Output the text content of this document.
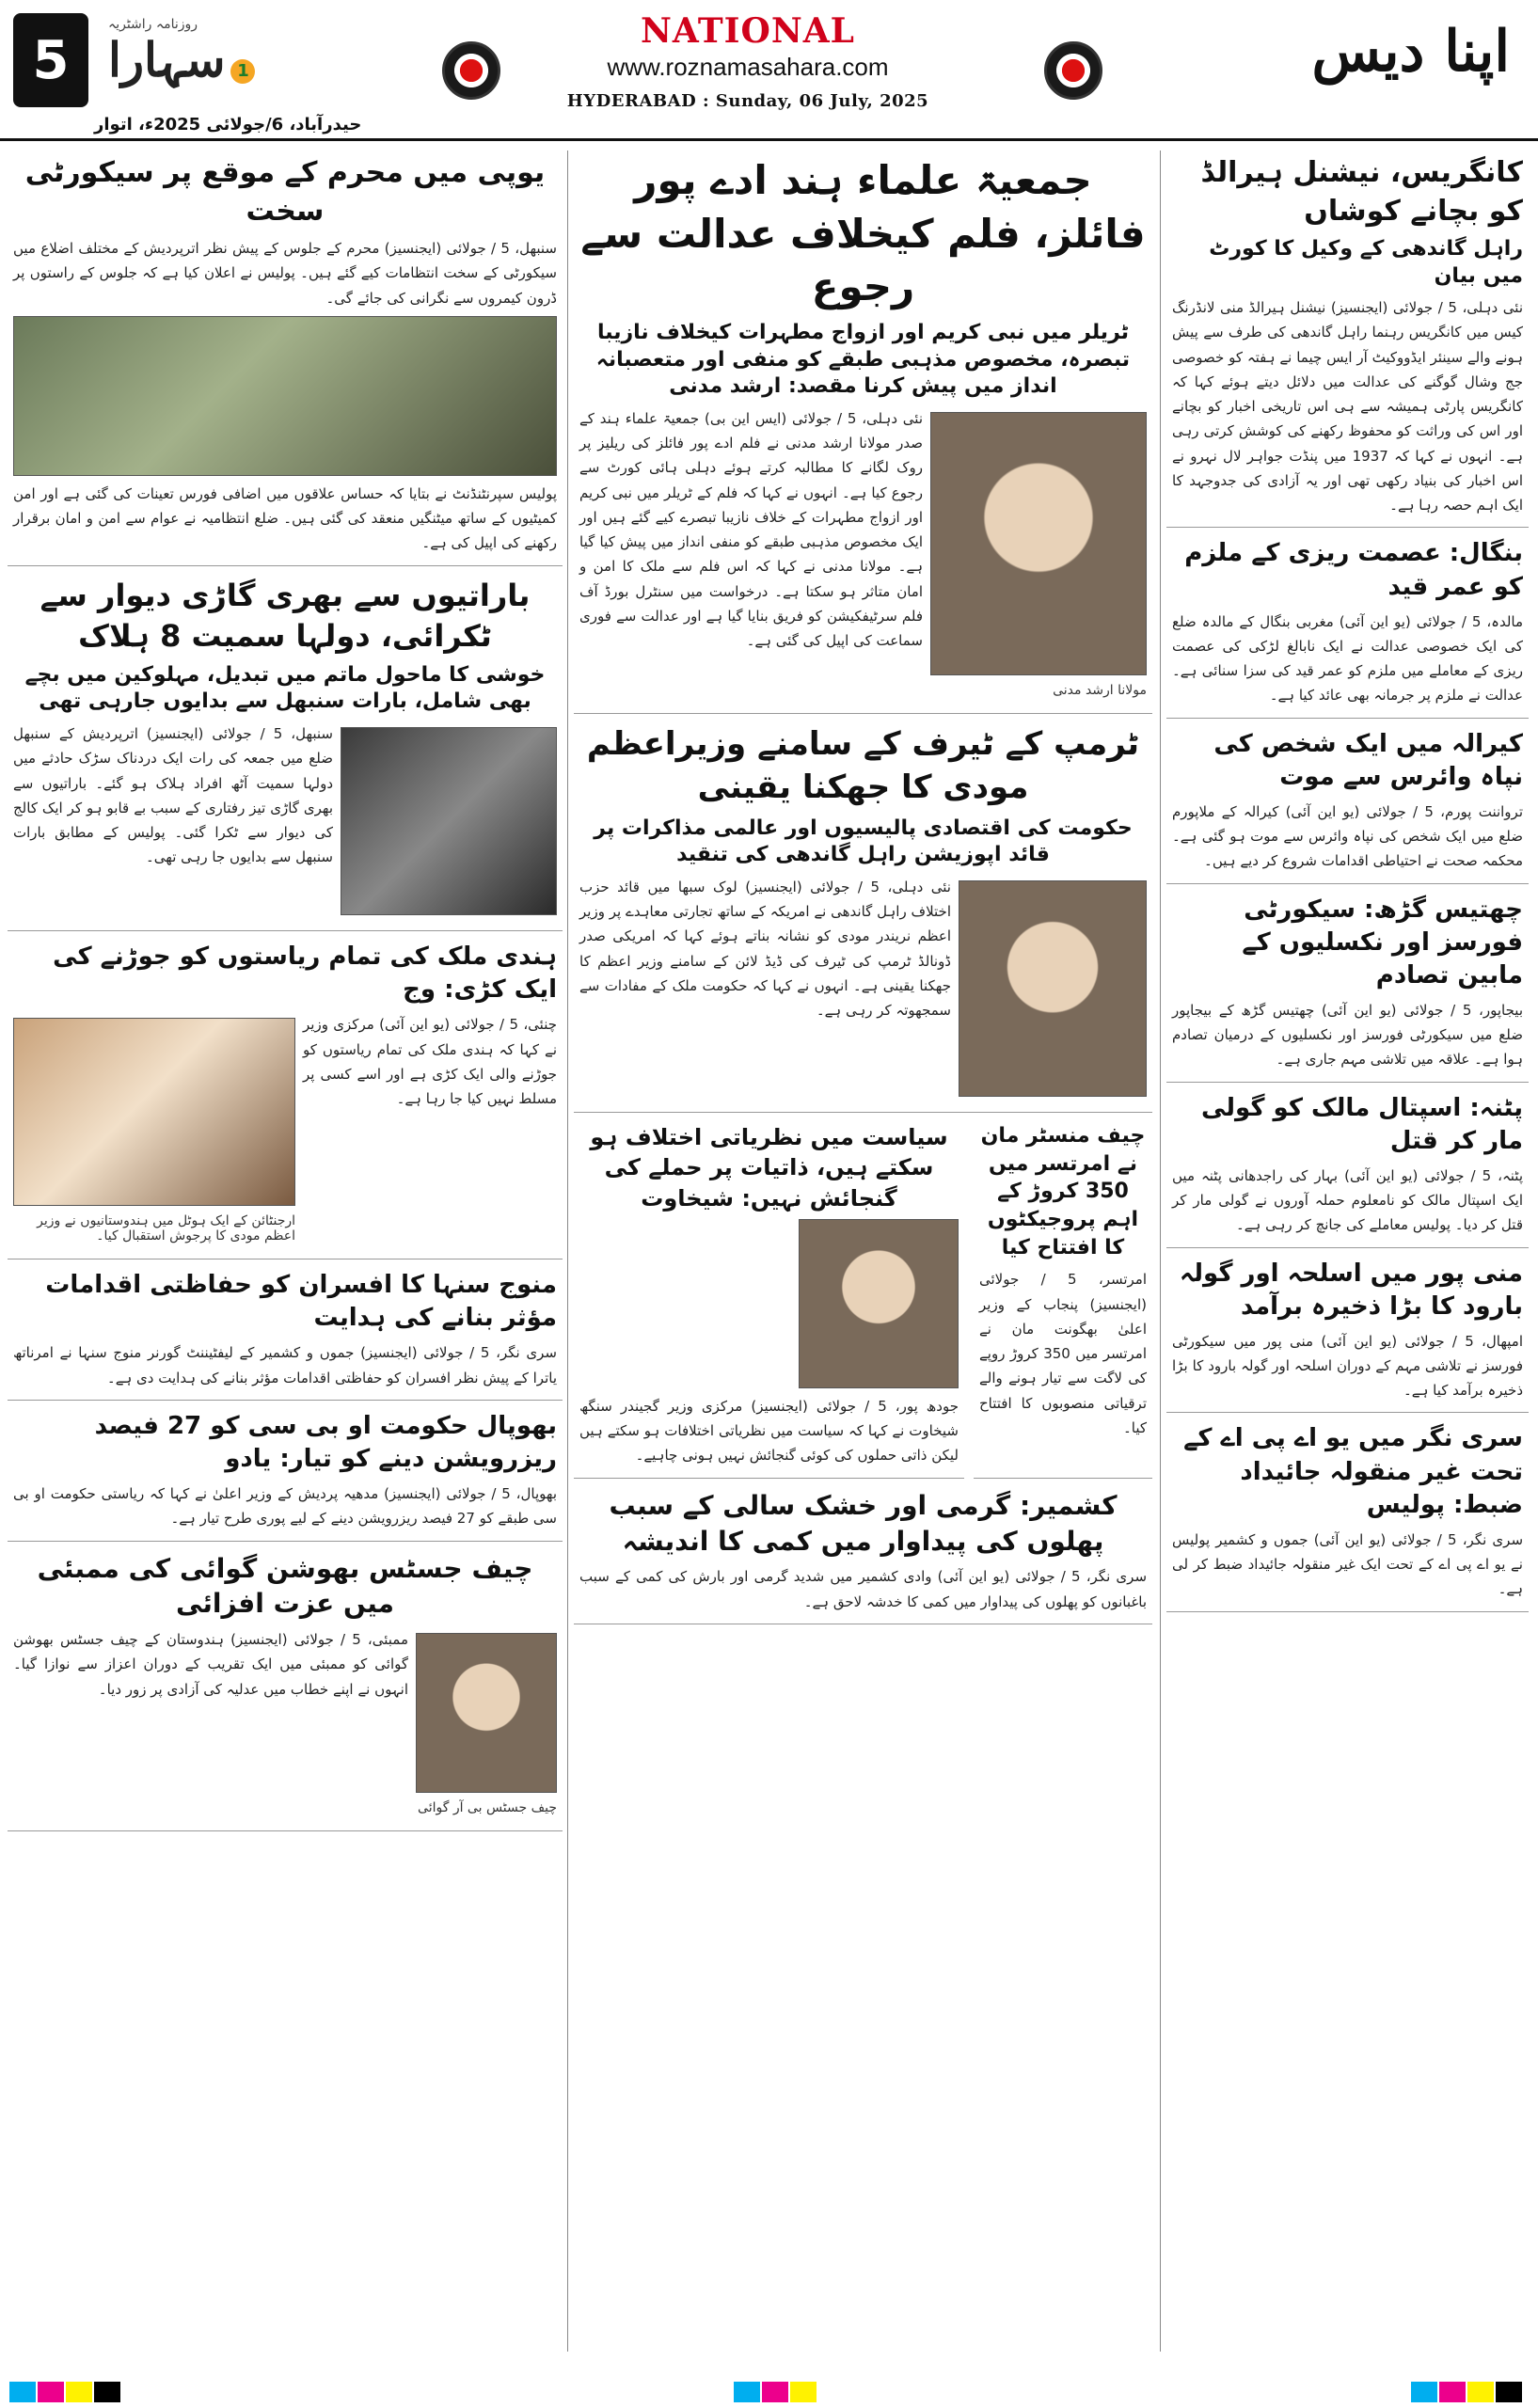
5
روزنامہ راشٹریہ
سہارا 1
حیدرآباد، 6/جولائی 2025ء، اتوار
NATIONAL
www.roznamasahara.com
HYDERABAD : Sunday, 06 July, 2025
اپنا دیس
کانگریس، نیشنل ہیرالڈ کو بچانے کوشاں
راہل گاندھی کے وکیل کا کورٹ میں بیان

نئی دہلی، 5 / جولائی (ایجنسیز) نیشنل ہیرالڈ منی لانڈرنگ کیس میں کانگریس رہنما راہل گاندھی کی طرف سے پیش ہونے والے سینئر ایڈووکیٹ آر ایس چیما نے ہفتہ کو خصوصی جج وشال گوگنے کی عدالت میں دلائل دیتے ہوئے کہا کہ کانگریس پارٹی ہمیشہ سے ہی اس تاریخی اخبار کو بچانے اور اس کی وراثت کو محفوظ رکھنے کی کوشش کرتی رہی ہے۔ انہوں نے کہا کہ 1937 میں پنڈت جواہر لال نہرو نے اس اخبار کی بنیاد رکھی تھی اور یہ آزادی کی جدوجہد کا ایک اہم حصہ رہا ہے۔

بنگال: عصمت ریزی کے ملزم کو عمر قید

مالدہ، 5 / جولائی (یو این آئی) مغربی بنگال کے مالدہ ضلع کی ایک خصوصی عدالت نے ایک نابالغ لڑکی کی عصمت ریزی کے معاملے میں ملزم کو عمر قید کی سزا سنائی ہے۔ عدالت نے ملزم پر جرمانہ بھی عائد کیا ہے۔

کیرالہ میں ایک شخص کی نپاہ وائرس سے موت

ترواننت پورم، 5 / جولائی (یو این آئی) کیرالہ کے ملاپورم ضلع میں ایک شخص کی نپاہ وائرس سے موت ہو گئی ہے۔ محکمہ صحت نے احتیاطی اقدامات شروع کر دیے ہیں۔

چھتیس گڑھ: سیکورٹی فورسز اور نکسلیوں کے مابین تصادم

بیجاپور، 5 / جولائی (یو این آئی) چھتیس گڑھ کے بیجاپور ضلع میں سیکورٹی فورسز اور نکسلیوں کے درمیان تصادم ہوا ہے۔ علاقہ میں تلاشی مہم جاری ہے۔

پٹنہ: اسپتال مالک کو گولی مار کر قتل

پٹنہ، 5 / جولائی (یو این آئی) بہار کی راجدھانی پٹنہ میں ایک اسپتال مالک کو نامعلوم حملہ آوروں نے گولی مار کر قتل کر دیا۔ پولیس معاملے کی جانچ کر رہی ہے۔

منی پور میں اسلحہ اور گولہ بارود کا بڑا ذخیرہ برآمد

امپھال، 5 / جولائی (یو این آئی) منی پور میں سیکورٹی فورسز نے تلاشی مہم کے دوران اسلحہ اور گولہ بارود کا بڑا ذخیرہ برآمد کیا ہے۔

سری نگر میں یو اے پی اے کے تحت غیر منقولہ جائیداد ضبط: پولیس

سری نگر، 5 / جولائی (یو این آئی) جموں و کشمیر پولیس نے یو اے پی اے کے تحت ایک غیر منقولہ جائیداد ضبط کر لی ہے۔

جمعیۃ علماء ہند ادے پور فائلز، فلم کیخلاف عدالت سے رجوع
ٹریلر میں نبی کریم اور ازواج مطہرات کیخلاف نازیبا تبصرہ، مخصوص مذہبی طبقے کو منفی اور متعصبانہ انداز میں پیش کرنا مقصد: ارشد مدنی

نئی دہلی، 5 / جولائی (ایس این بی) جمعیۃ علماء ہند کے صدر مولانا ارشد مدنی نے فلم ادے پور فائلز کی ریلیز پر روک لگانے کا مطالبہ کرتے ہوئے دہلی ہائی کورٹ سے رجوع کیا ہے۔ انہوں نے کہا کہ فلم کے ٹریلر میں نبی کریم اور ازواج مطہرات کے خلاف نازیبا تبصرے کیے گئے ہیں اور ایک مخصوص مذہبی طبقے کو منفی انداز میں پیش کیا گیا ہے۔ مولانا مدنی نے کہا کہ اس فلم سے ملک کا امن و امان متاثر ہو سکتا ہے۔ درخواست میں سنٹرل بورڈ آف فلم سرٹیفکیشن کو فریق بنایا گیا ہے اور عدالت سے فوری سماعت کی اپیل کی گئی ہے۔

مولانا ارشد مدنی
ٹرمپ کے ٹیرف کے سامنے وزیراعظم مودی کا جھکنا یقینی
حکومت کی اقتصادی پالیسیوں اور عالمی مذاکرات پر قائد اپوزیشن راہل گاندھی کی تنقید

نئی دہلی، 5 / جولائی (ایجنسیز) لوک سبھا میں قائد حزب اختلاف راہل گاندھی نے امریکہ کے ساتھ تجارتی معاہدے پر وزیر اعظم نریندر مودی کو نشانہ بناتے ہوئے کہا کہ امریکی صدر ڈونالڈ ٹرمپ کی ٹیرف کی ڈیڈ لائن کے سامنے وزیر اعظم کا جھکنا یقینی ہے۔ انہوں نے کہا کہ حکومت ملک کے مفادات سے سمجھوتہ کر رہی ہے۔

سیاست میں نظریاتی اختلاف ہو سکتے ہیں، ذاتیات پر حملے کی گنجائش نہیں: شیخاوت

جودھ پور، 5 / جولائی (ایجنسیز) مرکزی وزیر گجیندر سنگھ شیخاوت نے کہا کہ سیاست میں نظریاتی اختلافات ہو سکتے ہیں لیکن ذاتی حملوں کی کوئی گنجائش نہیں ہونی چاہیے۔

چیف منسٹر مان نے امرتسر میں 350 کروڑ کے اہم پروجیکٹوں کا افتتاح کیا

امرتسر، 5 / جولائی (ایجنسیز) پنجاب کے وزیر اعلیٰ بھگونت مان نے امرتسر میں 350 کروڑ روپے کی لاگت سے تیار ہونے والے ترقیاتی منصوبوں کا افتتاح کیا۔

کشمیر: گرمی اور خشک سالی کے سبب پھلوں کی پیداوار میں کمی کا اندیشہ

سری نگر، 5 / جولائی (یو این آئی) وادی کشمیر میں شدید گرمی اور بارش کی کمی کے سبب باغبانوں کو پھلوں کی پیداوار میں کمی کا خدشہ لاحق ہے۔

یوپی میں محرم کے موقع پر سیکورٹی سخت

سنبھل، 5 / جولائی (ایجنسیز) محرم کے جلوس کے پیش نظر اترپردیش کے مختلف اضلاع میں سیکورٹی کے سخت انتظامات کیے گئے ہیں۔ پولیس نے اعلان کیا ہے کہ جلوس کے راستوں پر ڈرون کیمروں سے نگرانی کی جائے گی۔

پولیس سپرنٹنڈنٹ نے بتایا کہ حساس علاقوں میں اضافی فورس تعینات کی گئی ہے اور امن کمیٹیوں کے ساتھ میٹنگیں منعقد کی گئی ہیں۔ ضلع انتظامیہ نے عوام سے امن و امان برقرار رکھنے کی اپیل کی ہے۔

باراتیوں سے بھری گاڑی دیوار سے ٹکرائی، دولہا سمیت 8 ہلاک
خوشی کا ماحول ماتم میں تبدیل، مہلوکین میں بچے بھی شامل، بارات سنبھل سے بدایوں جارہی تھی

سنبھل، 5 / جولائی (ایجنسیز) اترپردیش کے سنبھل ضلع میں جمعہ کی رات ایک دردناک سڑک حادثے میں دولہا سمیت آٹھ افراد ہلاک ہو گئے۔ باراتیوں سے بھری گاڑی تیز رفتاری کے سبب بے قابو ہو کر ایک کالج کی دیوار سے ٹکرا گئی۔ پولیس کے مطابق بارات سنبھل سے بدایوں جا رہی تھی۔

ہندی ملک کی تمام ریاستوں کو جوڑنے کی ایک کڑی: وج
ارجنٹائن کے ایک ہوٹل میں ہندوستانیوں نے وزیر اعظم مودی کا پرجوش استقبال کیا۔

چنئی، 5 / جولائی (یو این آئی) مرکزی وزیر نے کہا کہ ہندی ملک کی تمام ریاستوں کو جوڑنے والی ایک کڑی ہے اور اسے کسی پر مسلط نہیں کیا جا رہا ہے۔

منوج سنہا کا افسران کو حفاظتی اقدامات مؤثر بنانے کی ہدایت

سری نگر، 5 / جولائی (ایجنسیز) جموں و کشمیر کے لیفٹیننٹ گورنر منوج سنہا نے امرناتھ یاترا کے پیش نظر افسران کو حفاظتی اقدامات مؤثر بنانے کی ہدایت دی ہے۔

بھوپال حکومت او بی سی کو 27 فیصد ریزرویشن دینے کو تیار: یادو

بھوپال، 5 / جولائی (ایجنسیز) مدھیہ پردیش کے وزیر اعلیٰ نے کہا کہ ریاستی حکومت او بی سی طبقے کو 27 فیصد ریزرویشن دینے کے لیے پوری طرح تیار ہے۔

چیف جسٹس بھوشن گوائی کی ممبئی میں عزت افزائی

ممبئی، 5 / جولائی (ایجنسیز) ہندوستان کے چیف جسٹس بھوشن گوائی کو ممبئی میں ایک تقریب کے دوران اعزاز سے نوازا گیا۔ انہوں نے اپنے خطاب میں عدلیہ کی آزادی پر زور دیا۔

چیف جسٹس بی آر گوائی
